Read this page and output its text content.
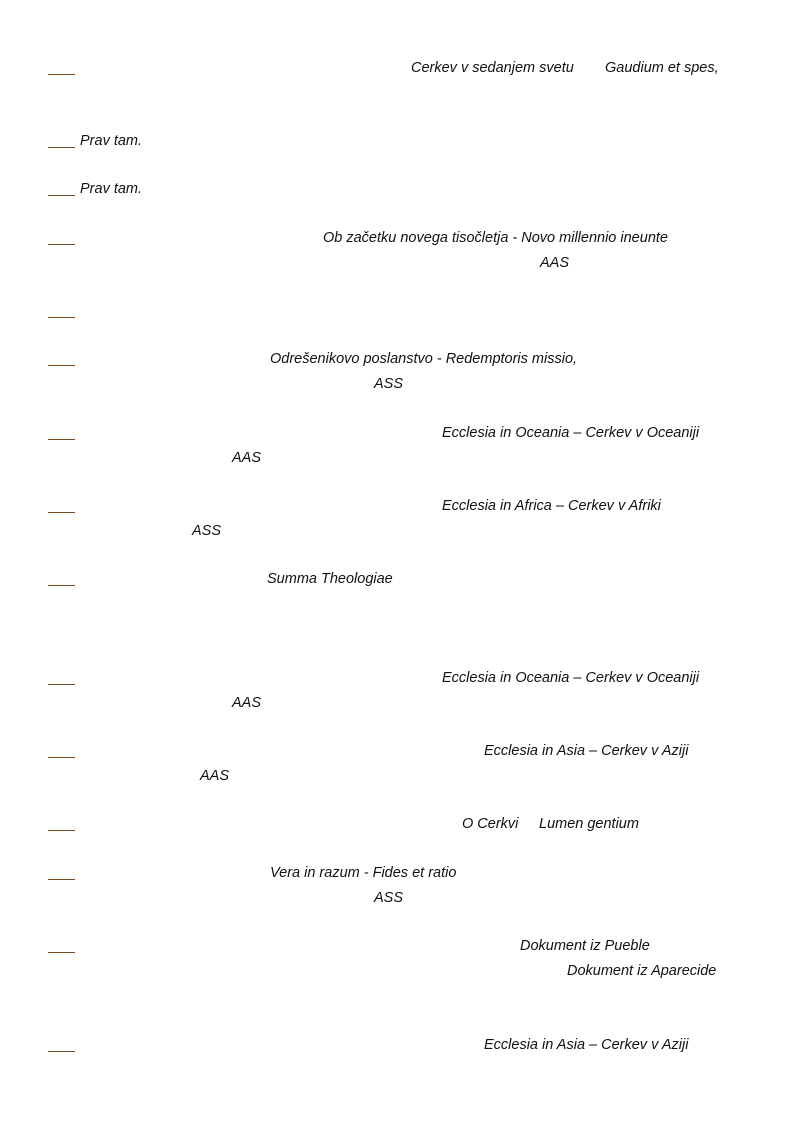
Cerkev v sedanjem svetu Gaudium et spes,
Prav tam.
Prav tam.
Ob začetku novega tisočletja - Novo millennio ineunte
AAS
Odrešenikovo poslanstvo - Redemptoris missio,
ASS
Ecclesia in Oceania – Cerkev v Oceaniji
AAS
Ecclesia in Africa – Cerkev v Afriki
ASS
Summa Theologiae
Ecclesia in Oceania – Cerkev v Oceaniji
AAS
Ecclesia in Asia – Cerkev v Aziji
AAS
O Cerkvi Lumen gentium
Vera in razum - Fides et ratio
ASS
Dokument iz Pueble
Dokument iz Aparecide
Ecclesia in Asia – Cerkev v Aziji
